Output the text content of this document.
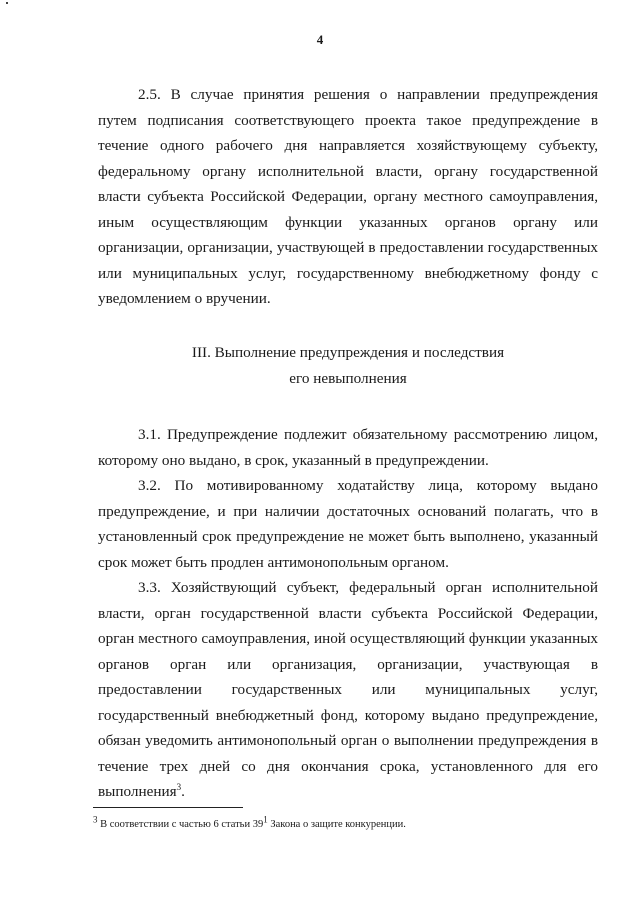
4

2.5. В случае принятия решения о направлении предупреждения путем подписания соответствующего проекта такое предупреждение в течение одного рабочего дня направляется хозяйствующему субъекту, федеральному органу исполнительной власти, органу государственной власти субъекта Российской Федерации, органу местного самоуправления, иным осуществляющим функции указанных органов органу или организации, организации, участвующей в предоставлении государственных или муниципальных услуг, государственному внебюджетному фонду с уведомлением о вручении.

III. Выполнение предупреждения и последствия
его невыполнения

3.1. Предупреждение подлежит обязательному рассмотрению лицом, которому оно выдано, в срок, указанный в предупреждении.

3.2. По мотивированному ходатайству лица, которому выдано предупреждение, и при наличии достаточных оснований полагать, что в установленный срок предупреждение не может быть выполнено, указанный срок может быть продлен антимонопольным органом.

3.3. Хозяйствующий субъект, федеральный орган исполнительной власти, орган государственной власти субъекта Российской Федерации, орган местного самоуправления, иной осуществляющий функции указанных органов орган или организация, организации, участвующая в предоставлении государственных или муниципальных услуг, государственный внебюджетный фонд, которому выдано предупреждение, обязан уведомить антимонопольный орган о выполнении предупреждения в течение трех дней со дня окончания срока, установленного для его выполнения$^3$.

$^3$ В соответствии с частью 6 статьи $39^1$ Закона о защите конкуренции.
